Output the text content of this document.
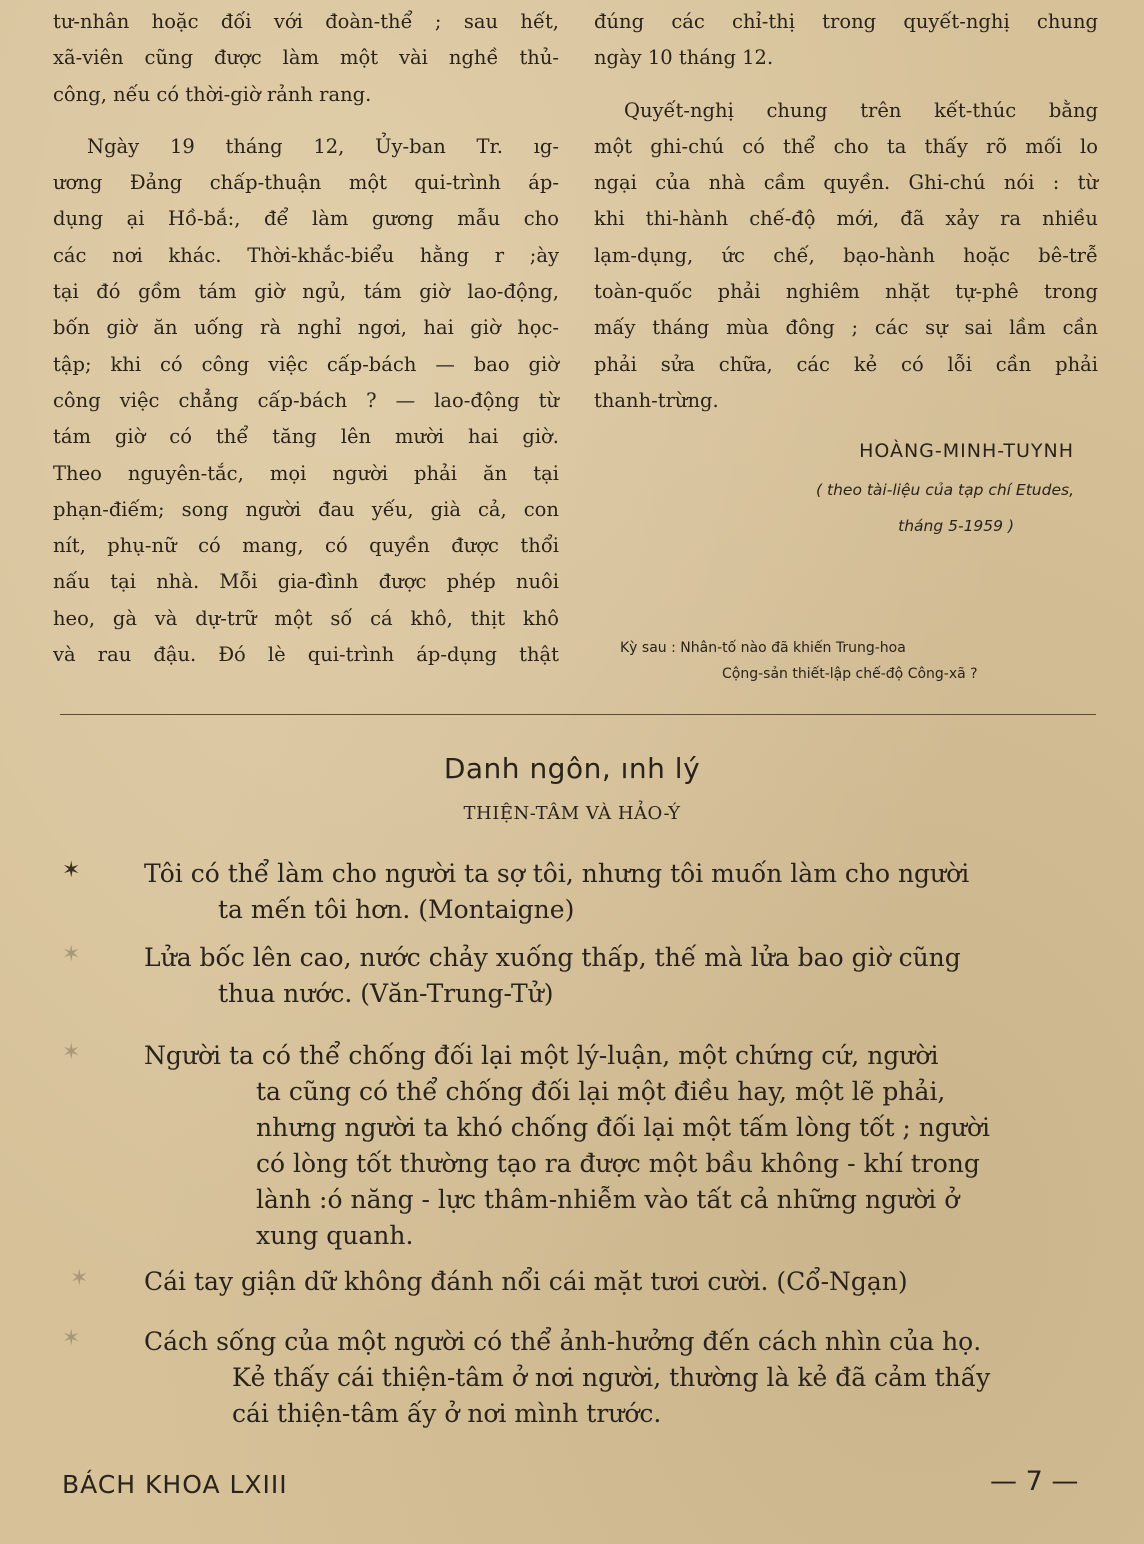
tư-nhân hoặc đối với đoàn-thể ; sau hết,
xã-viên cũng được làm một vài nghề thủ-
công, nếu có thời-giờ rảnh rang.

Ngày 19 tháng 12, Ủy-ban Tr. ıg-
ương Đảng chấp-thuận một qui-trình áp-
dụng ại Hồ-bắ:, để làm gương mẫu cho
các nơi khác. Thời-khắc-biểu hằng r ;ày
tại đó gồm tám giờ ngủ, tám giờ lao-động,
bốn giờ ăn uống rà nghỉ ngơi, hai giờ học-
tập; khi có công việc cấp-bách — bao giờ
công việc chẳng cấp-bách ? — lao-động từ
tám giờ có thể tăng lên mười hai giờ.
Theo nguyên-tắc, mọi người phải ăn tại
phạn-điếm; song người đau yếu, già cả, con
nít, phụ-nữ có mang, có quyền được thổi
nấu tại nhà. Mỗi gia-đình được phép nuôi
heo, gà và dự-trữ một số cá khô, thịt khô
và rau đậu. Đó lè qui-trình áp-dụng thật

đúng các chỉ-thị trong quyết-nghị chung
ngày 10 tháng 12.

Quyết-nghị chung trên kết-thúc bằng
một ghi-chú có thể cho ta thấy rõ mối lo
ngại của nhà cầm quyền. Ghi-chú nói : từ
khi thi-hành chế-độ mới, đã xảy ra nhiều
lạm-dụng, ức chế, bạo-hành hoặc bê-trễ
toàn-quốc phải nghiêm nhặt tự-phê trong
mấy tháng mùa đông ; các sự sai lầm cần
phải sửa chữa, các kẻ có lỗi cần phải
thanh-trừng.

HOÀNG-MINH-TUYNH
( theo tài-liệu của tạp chí Etudes,
tháng 5-1959 )
Kỳ sau : Nhân-tố nào đã khiến Trung-hoa
Cộng-sản thiết-lập chế-độ Công-xã ?
Danh ngôn, ınh lý
THIỆN-TÂM VÀ HẢO-Ý
✶	Tôi có thể làm cho người ta sợ tôi, nhưng tôi muốn làm cho người
ta mến tôi hơn. (Montaigne)
✶	Lửa bốc lên cao, nước chảy xuống thấp, thế mà lửa bao giờ cũng
thua nước. (Văn-Trung-Tử)
✶	Người ta có thể chống đối lại một lý-luận, một chứng cứ, người
ta cũng có thể chống đối lại một điều hay, một lẽ phải,
nhưng người ta khó chống đối lại một tấm lòng tốt ; người
có lòng tốt thường tạo ra được một bầu không - khí trong
lành :ó năng - lực thâm-nhiễm vào tất cả những người ở
xung quanh.
✶ Cái tay giận dữ không đánh nổi cái mặt tươi cười. (Cổ-Ngạn)
✶	Cách sống của một người có thể ảnh-hưởng đến cách nhìn của họ.
Kẻ thấy cái thiện-tâm ở nơi người, thường là kẻ đã cảm thấy
cái thiện-tâm ấy ở nơi mình trước.
BÁCH KHOA LXIII	— 7 —
